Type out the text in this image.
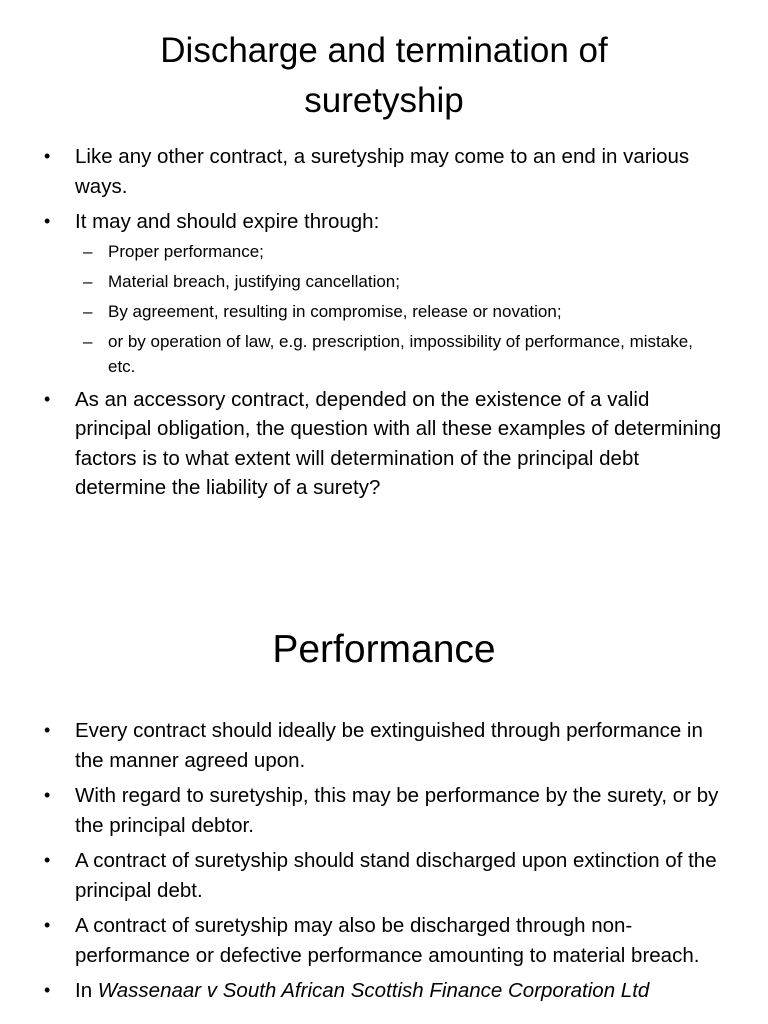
Discharge and termination of suretyship
• Like any other contract, a suretyship may come to an end in various ways.
• It may and should expire through:
– Proper performance;
– Material breach, justifying cancellation;
– By agreement, resulting in compromise, release or novation;
– or by operation of law, e.g. prescription, impossibility of performance, mistake, etc.
• As an accessory contract, depended on the existence of a valid principal obligation, the question with all these examples of determining factors is to what extent will determination of the principal debt determine the liability of a surety?
Performance
• Every contract should ideally be extinguished through performance in the manner agreed upon.
• With regard to suretyship, this may be performance by the surety, or by the principal debtor.
• A contract of suretyship should stand discharged upon extinction of the principal debt.
• A contract of suretyship may also be discharged through non-performance or defective performance amounting to material breach.
• In Wassenaar v South African Scottish Finance Corporation Ltd
